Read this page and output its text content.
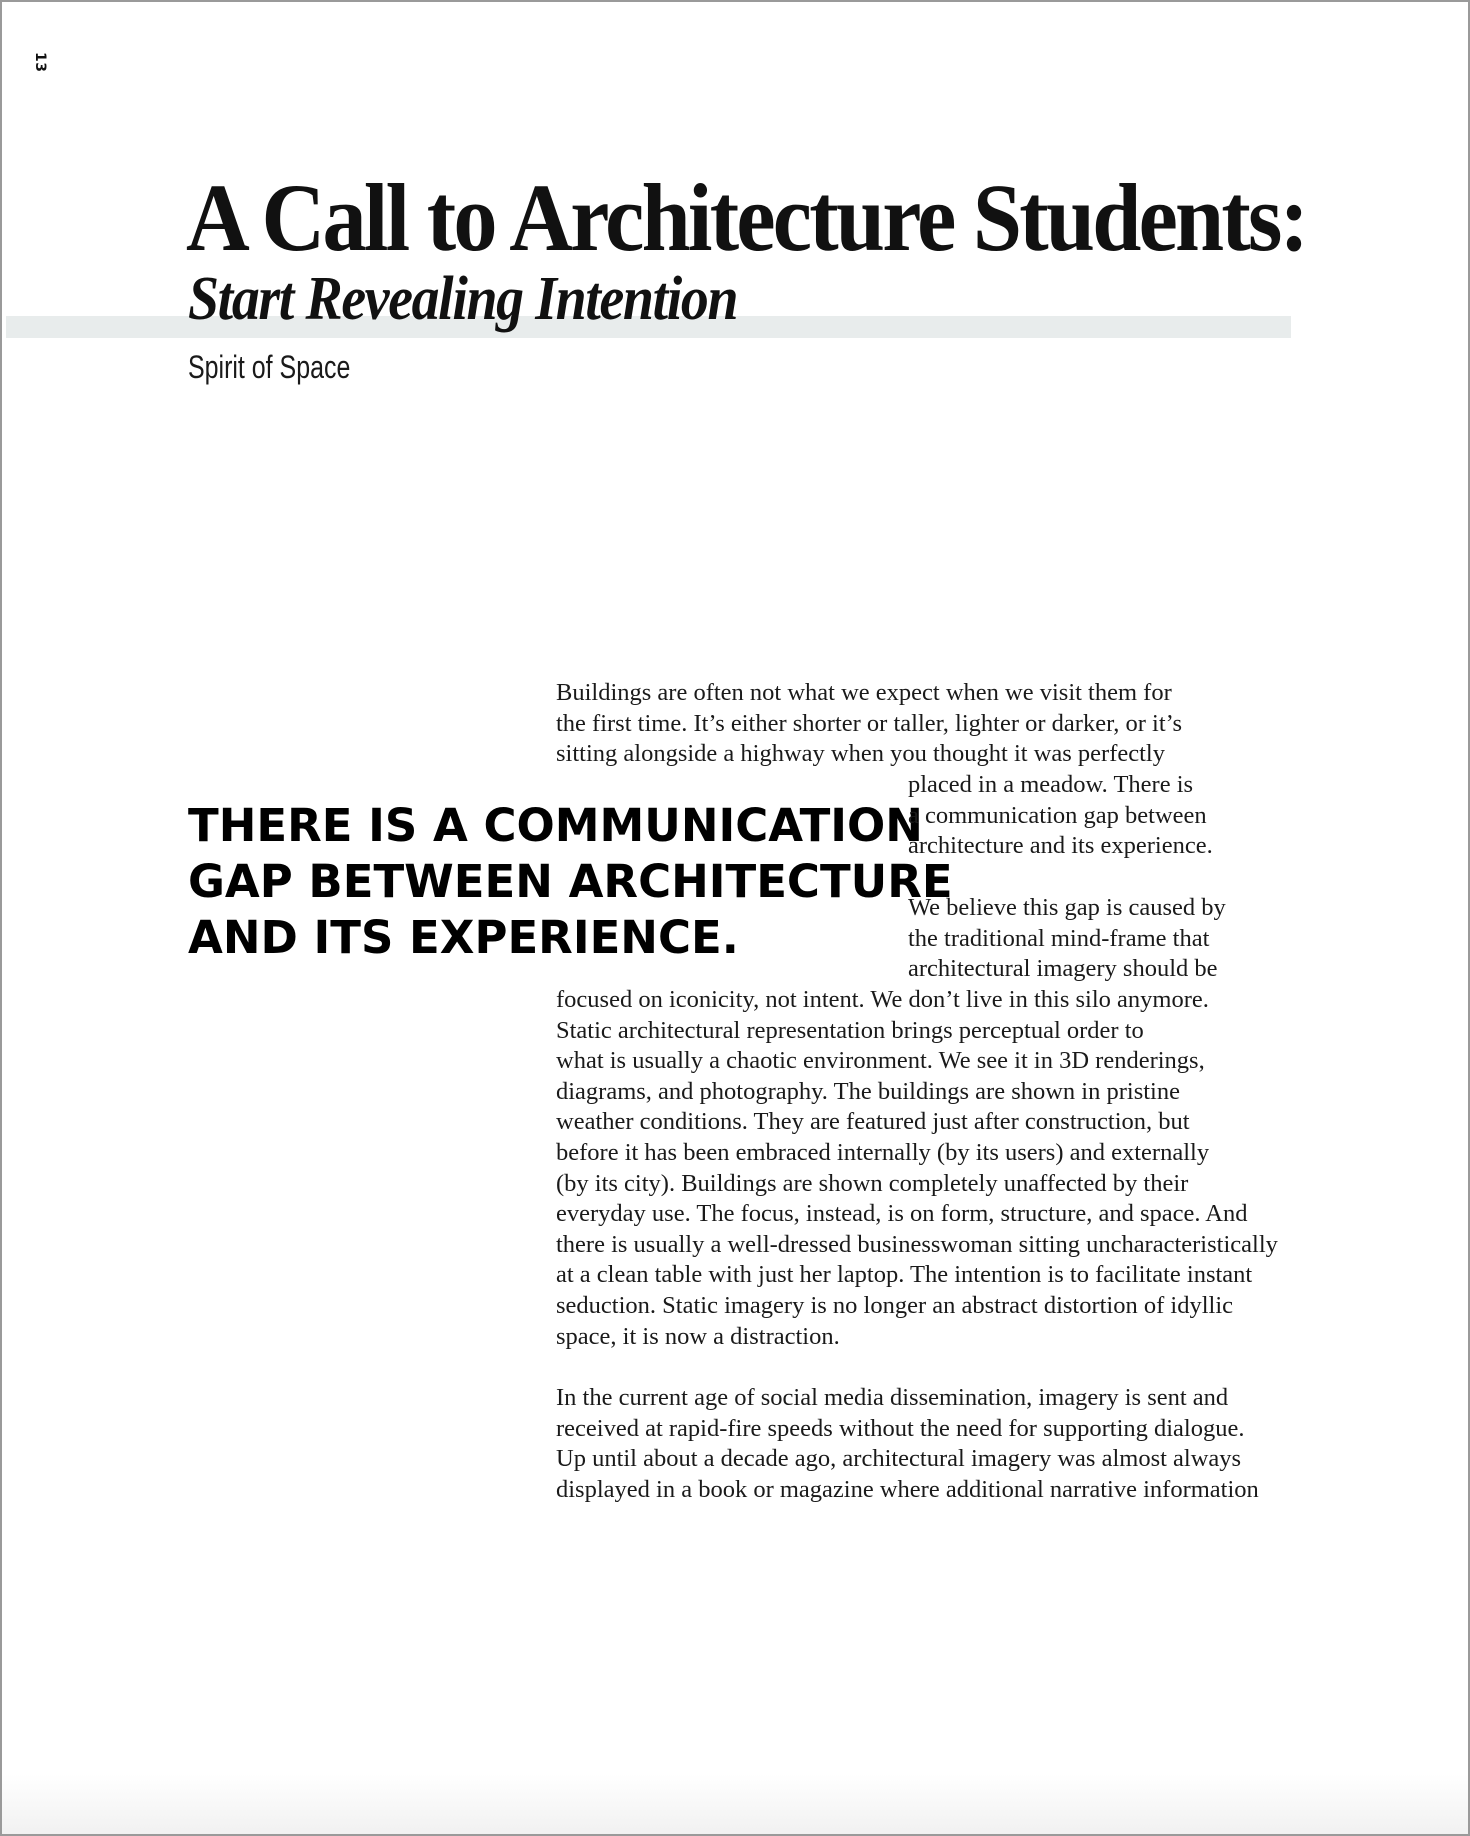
13
A Call to Architecture Students:
Start Revealing Intention

Spirit of Space

THERE IS A COMMUNICATION
GAP BETWEEN ARCHITECTURE
AND ITS EXPERIENCE.
Buildings are often not what we expect when we visit them for
the first time. It’s either shorter or taller, lighter or darker, or it’s
sitting alongside a highway when you thought it was perfectly
placed in a meadow. There is
a communication gap between
architecture and its experience.
We believe this gap is caused by
the traditional mind-frame that
architectural imagery should be
focused on iconicity, not intent. We don’t live in this silo anymore.
Static architectural representation brings perceptual order to
what is usually a chaotic environment. We see it in 3D renderings,
diagrams, and photography. The buildings are shown in pristine
weather conditions. They are featured just after construction, but
before it has been embraced internally (by its users) and externally
(by its city). Buildings are shown completely unaffected by their
everyday use. The focus, instead, is on form, structure, and space. And
there is usually a well-dressed businesswoman sitting uncharacteristically
at a clean table with just her laptop. The intention is to facilitate instant
seduction. Static imagery is no longer an abstract distortion of idyllic
space, it is now a distraction.
In the current age of social media dissemination, imagery is sent and
received at rapid-fire speeds without the need for supporting dialogue.
Up until about a decade ago, architectural imagery was almost always
displayed in a book or magazine where additional narrative information
